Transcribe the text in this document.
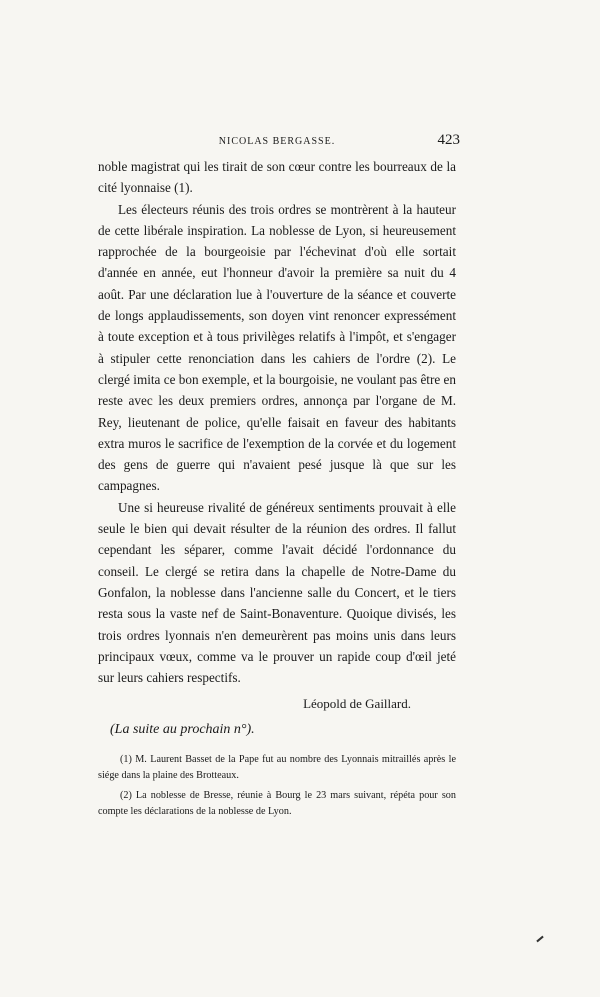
NICOLAS BERGASSE.	423

noble magistrat qui les tirait de son cœur contre les bourreaux de la cité lyonnaise (1).

Les électeurs réunis des trois ordres se montrèrent à la hauteur de cette libérale inspiration. La noblesse de Lyon, si heureusement rapprochée de la bourgeoisie par l'échevinat d'où elle sortait d'année en année, eut l'honneur d'avoir la première sa nuit du 4 août. Par une déclaration lue à l'ouverture de la séance et couverte de longs applaudissements, son doyen vint renoncer expressément à toute exception et à tous privilèges relatifs à l'impôt, et s'engager à stipuler cette renonciation dans les cahiers de l'ordre (2). Le clergé imita ce bon exemple, et la bourgoisie, ne voulant pas être en reste avec les deux premiers ordres, annonça par l'organe de M. Rey, lieutenant de police, qu'elle faisait en faveur des habitants extra muros le sacrifice de l'exemption de la corvée et du logement des gens de guerre qui n'avaient pesé jusque là que sur les campagnes.

Une si heureuse rivalité de généreux sentiments prouvait à elle seule le bien qui devait résulter de la réunion des ordres. Il fallut cependant les séparer, comme l'avait décidé l'ordonnance du conseil. Le clergé se retira dans la chapelle de Notre-Dame du Gonfalon, la noblesse dans l'ancienne salle du Concert, et le tiers resta sous la vaste nef de Saint-Bonaventure. Quoique divisés, les trois ordres lyonnais n'en demeurèrent pas moins unis dans leurs principaux vœux, comme va le prouver un rapide coup d'œil jeté sur leurs cahiers respectifs.

Léopold de Gaillard.
(La suite au prochain n°).

(1) M. Laurent Basset de la Pape fut au nombre des Lyonnais mitraillés après le siége dans la plaine des Brotteaux.

(2) La noblesse de Bresse, réunie à Bourg le 23 mars suivant, répéta pour son compte les déclarations de la noblesse de Lyon.
